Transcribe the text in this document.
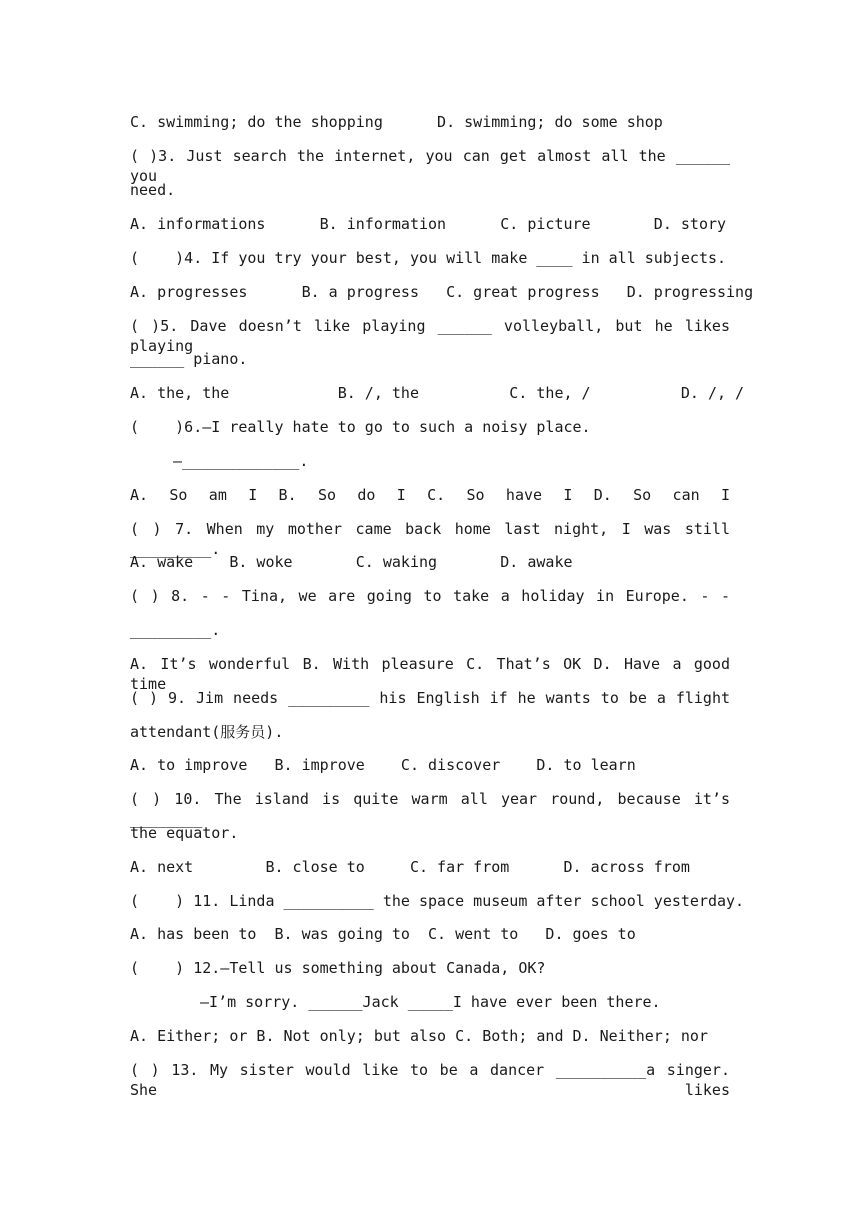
C. swimming; do the shopping      D. swimming; do some shop
( )3. Just search the internet, you can get almost all the ______ you
need.
A. informations      B. information      C. picture       D. story
(    )4. If you try your best, you will make ____ in all subjects.
A. progresses      B. a progress   C. great progress   D. progressing
( )5. Dave doesn’t like playing ______ volleyball, but he likes playing
______ piano.
A. the, the            B. /, the          C. the, /          D. /, /
(    )6.—I really hate to go to such a noisy place.
—_____________.
A. So am I B. So do I C. So have I D. So can I
( ) 7. When my mother came back home last night, I was still _________.
A. wake    B. woke       C. waking       D. awake
( ) 8. - - Tina, we are going to take a holiday in Europe. - -
_________.
A. It’s wonderful B. With pleasure C. That’s OK D. Have a good time
( ) 9. Jim needs _________ his English if he wants to be a flight
attendant(服务员).
A. to improve   B. improve    C. discover    D. to learn
( ) 10. The island is quite warm all year round, because it’s ________
the equator.
A. next        B. close to     C. far from      D. across from
(    ) 11. Linda __________ the space museum after school yesterday.
A. has been to  B. was going to  C. went to   D. goes to
(    ) 12.—Tell us something about Canada, OK?
—I’m sorry. ______Jack _____I have ever been there.
A. Either; or B. Not only; but also C. Both; and D. Neither; nor
( ) 13. My sister would like to be a dancer __________a singer. She likes
